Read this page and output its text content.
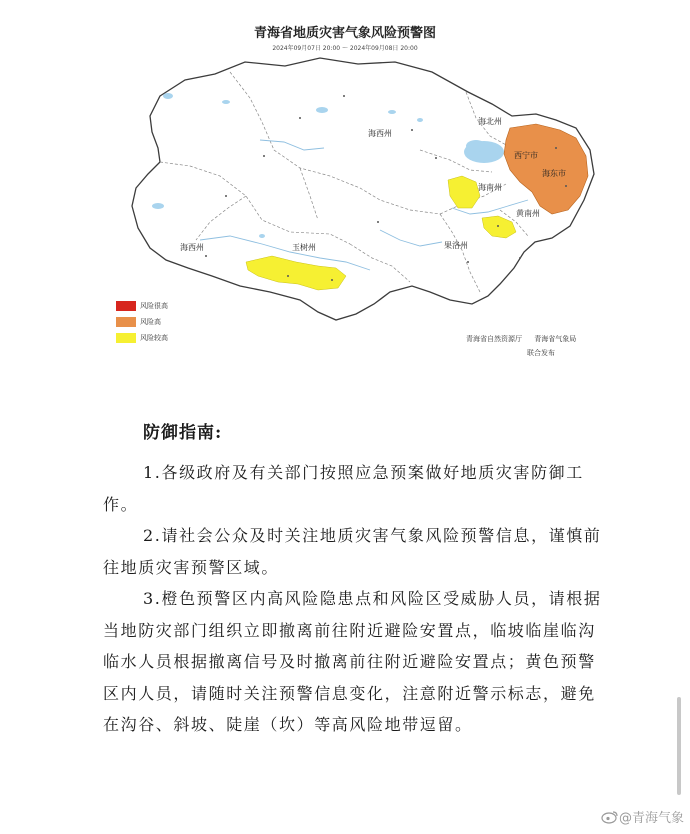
青海省地质灾害气象风险预警图
2024年09月07日 20:00 ～ 2024年09月08日 20:00
海西州
海西州	玉树州
海北州
海南州
黄南州
果洛州
海东市
西宁市
风险很高
风险高
风险较高	青海省自然资源厅 青海省气象局
联合发布
防御指南:

1.各级政府及有关部门按照应急预案做好地质灾害防御工作。

2.请社会公众及时关注地质灾害气象风险预警信息，谨慎前往地质灾害预警区域。

3.橙色预警区内高风险隐患点和风险区受威胁人员，请根据当地防灾部门组织立即撤离前往附近避险安置点，临坡临崖临沟临水人员根据撤离信号及时撤离前往附近避险安置点；黄色预警区内人员，请随时关注预警信息变化，注意附近警示标志，避免在沟谷、斜坡、陡崖（坎）等高风险地带逗留。

@青海气象
